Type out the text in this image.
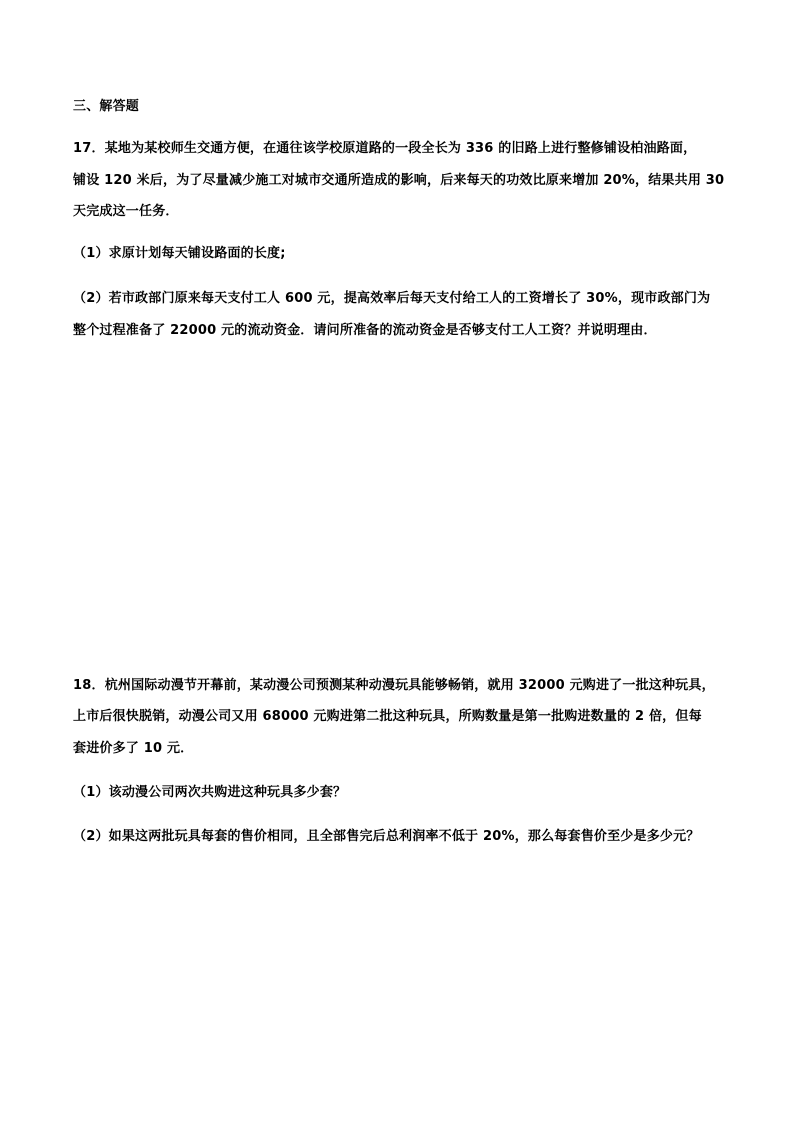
三、解答题
17．某地为某校师生交通方便，在通往该学校原道路的一段全长为 336 的旧路上进行整修铺设柏油路面，
铺设 120 米后，为了尽量减少施工对城市交通所造成的影响，后来每天的功效比原来增加 20%，结果共用 30
天完成这一任务．
（1）求原计划每天铺设路面的长度;
（2）若市政部门原来每天支付工人 600 元，提高效率后每天支付给工人的工资增长了 30%，现市政部门为
整个过程准备了 22000 元的流动资金．请问所准备的流动资金是否够支付工人工资？并说明理由．
18．杭州国际动漫节开幕前，某动漫公司预测某种动漫玩具能够畅销，就用 32000 元购进了一批这种玩具，
上市后很快脱销，动漫公司又用 68000 元购进第二批这种玩具，所购数量是第一批购进数量的 2 倍，但每
套进价多了 10 元．
（1）该动漫公司两次共购进这种玩具多少套？
（2）如果这两批玩具每套的售价相同，且全部售完后总利润率不低于 20%，那么每套售价至少是多少元？
